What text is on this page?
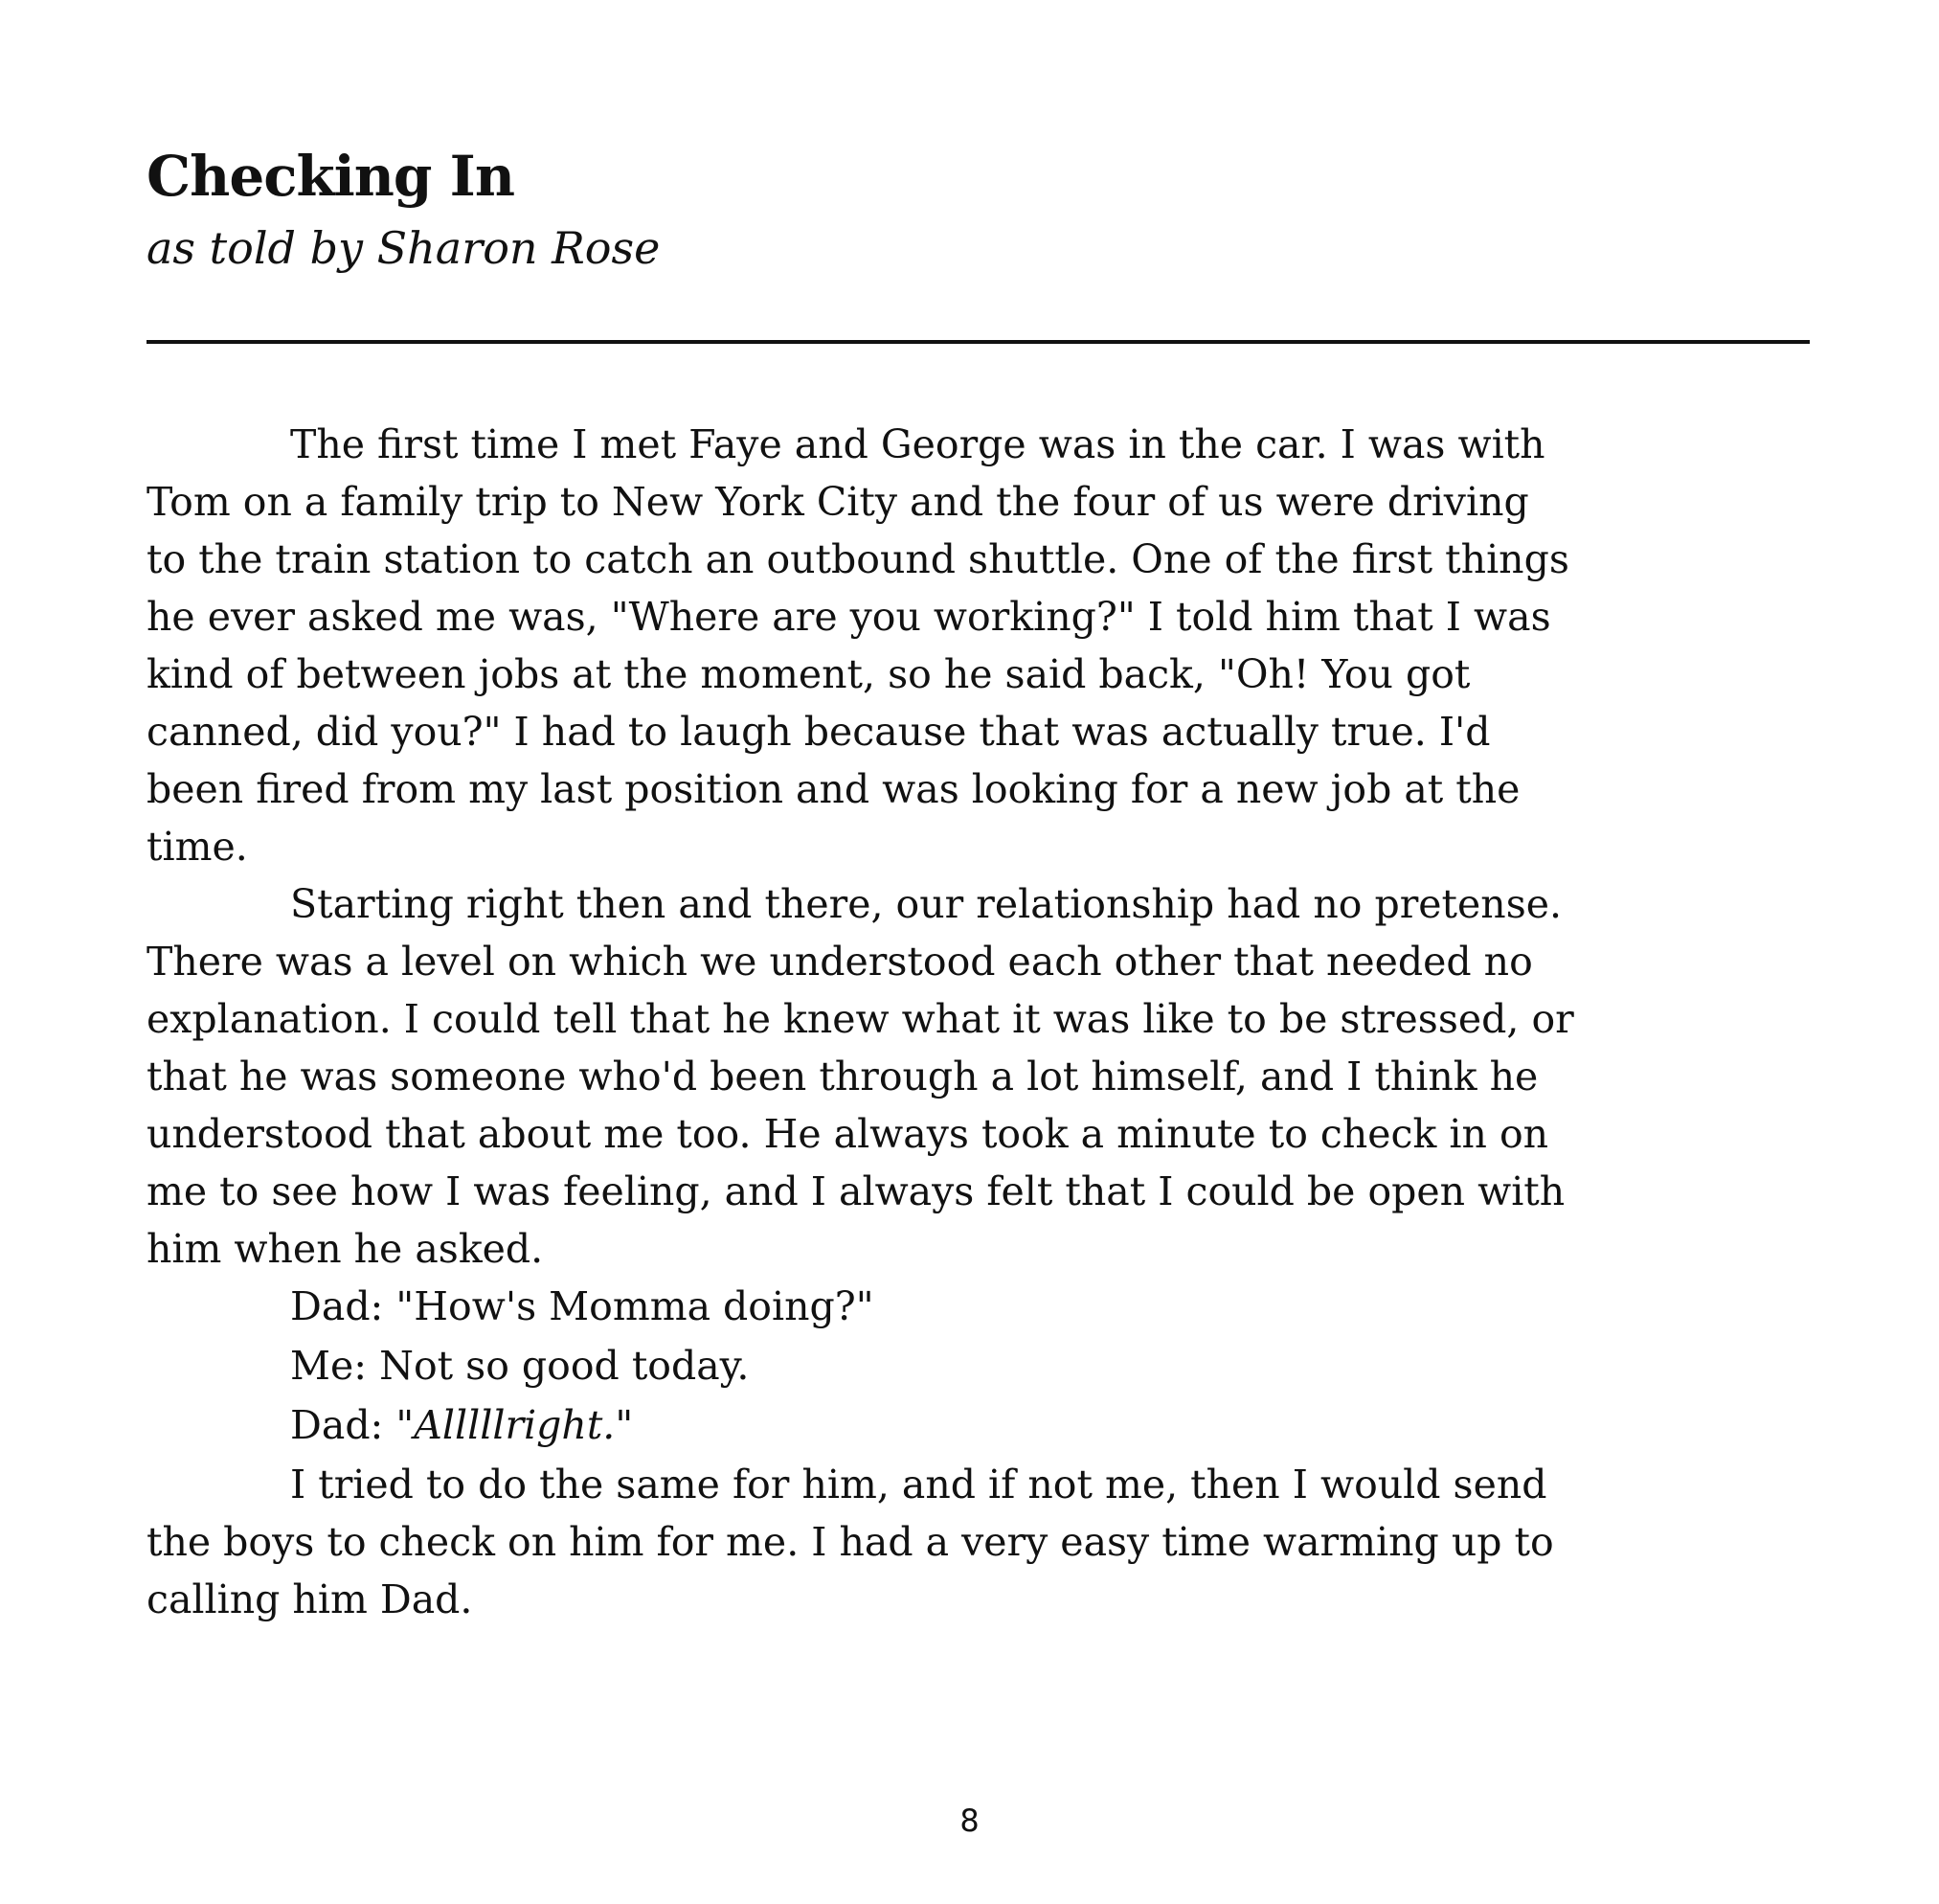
Checking In
as told by Sharon Rose
The first time I met Faye and George was in the car. I was with
Tom on a family trip to New York City and the four of us were driving
to the train station to catch an outbound shuttle. One of the first things
he ever asked me was, "Where are you working?" I told him that I was
kind of between jobs at the moment, so he said back, "Oh! You got
canned, did you?" I had to laugh because that was actually true. I'd
been fired from my last position and was looking for a new job at the
time.
Starting right then and there, our relationship had no pretense.
There was a level on which we understood each other that needed no
explanation. I could tell that he knew what it was like to be stressed, or
that he was someone who'd been through a lot himself, and I think he
understood that about me too. He always took a minute to check in on
me to see how I was feeling, and I always felt that I could be open with
him when he asked.
Dad: "How's Momma doing?"
Me: Not so good today.
Dad: "Alllllright."
I tried to do the same for him, and if not me, then I would send
the boys to check on him for me. I had a very easy time warming up to
calling him Dad.
8
